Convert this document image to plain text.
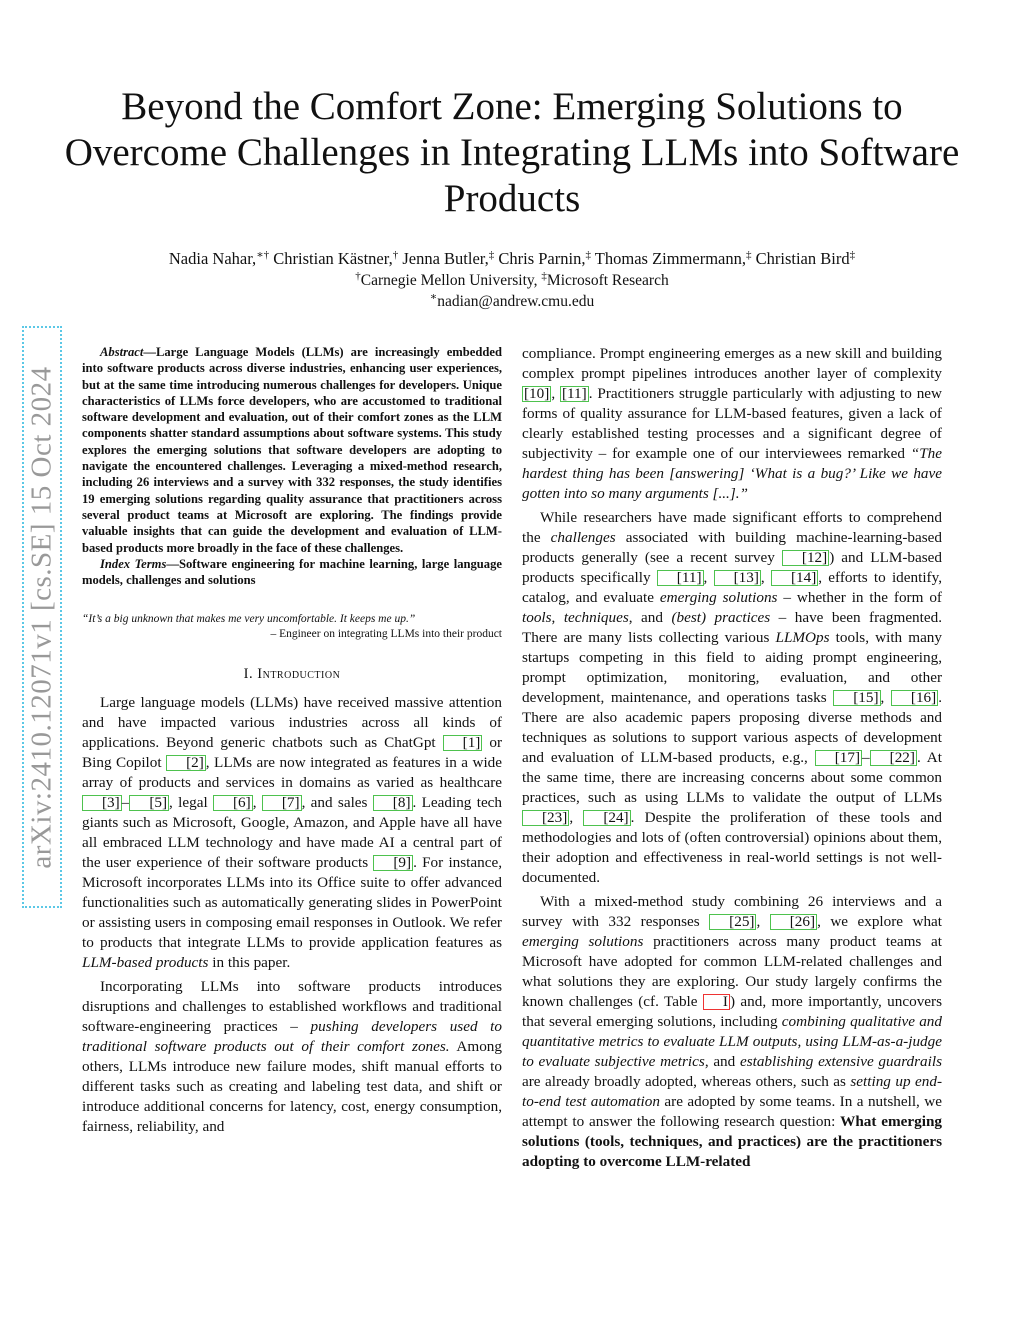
Beyond the Comfort Zone: Emerging Solutions to Overcome Challenges in Integrating LLMs into Software Products
Nadia Nahar,∗† Christian Kästner,† Jenna Butler,‡ Chris Parnin,‡ Thomas Zimmermann,‡ Christian Bird‡
†Carnegie Mellon University, ‡Microsoft Research
∗nadian@andrew.cmu.edu
arXiv:2410.12071v1 [cs.SE] 15 Oct 2024

Abstract—Large Language Models (LLMs) are increasingly embedded into software products across diverse industries, enhancing user experiences, but at the same time introducing numerous challenges for developers. Unique characteristics of LLMs force developers, who are accustomed to traditional software development and evaluation, out of their comfort zones as the LLM components shatter standard assumptions about software systems. This study explores the emerging solutions that software developers are adopting to navigate the encountered challenges. Leveraging a mixed-method research, including 26 interviews and a survey with 332 responses, the study identifies 19 emerging solutions regarding quality assurance that practitioners across several product teams at Microsoft are exploring. The findings provide valuable insights that can guide the development and evaluation of LLM-based products more broadly in the face of these challenges.

Index Terms—Software engineering for machine learning, large language models, challenges and solutions

“It’s a big unknown that makes me very uncomfortable. It keeps me up.”
– Engineer on integrating LLMs into their product
I. Introduction

Large language models (LLMs) have received massive attention and have impacted various industries across all kinds of applications. Beyond generic chatbots such as ChatGpt [1] or Bing Copilot [2] , LLMs are now integrated as features in a wide array of products and services in domains as varied as healthcare [3] – [5] , legal [6] , [7] , and sales [8] . Leading tech giants such as Microsoft, Google, Amazon, and Apple have all have all embraced LLM technology and have made AI a central part of the user experience of their software products [9] . For instance, Microsoft incorporates LLMs into its Office suite to offer advanced functionalities such as automatically generating slides in PowerPoint or assisting users in composing email responses in Outlook. We refer to products that integrate LLMs to provide application features as LLM-based products in this paper.

Incorporating LLMs into software products introduces disruptions and challenges to established workflows and traditional software-engineering practices – pushing developers used to traditional software products out of their comfort zones. Among others, LLMs introduce new failure modes, shift manual efforts to different tasks such as creating and labeling test data, and shift or introduce additional concerns for latency, cost, energy consumption, fairness, reliability, and

compliance. Prompt engineering emerges as a new skill and building complex prompt pipelines introduces another layer of complexity [10] , [11] . Practitioners struggle particularly with adjusting to new forms of quality assurance for LLM-based features, given a lack of clearly established testing processes and a significant degree of subjectivity – for example one of our interviewees remarked “The hardest thing has been [answering] ‘What is a bug?’ Like we have gotten into so many arguments [...].”

While researchers have made significant efforts to comprehend the challenges associated with building machine-learning-based products generally (see a recent survey [12] ) and LLM-based products specifically [11] , [13] , [14] , efforts to identify, catalog, and evaluate emerging solutions – whether in the form of tools, techniques, and (best) practices – have been fragmented. There are many lists collecting various LLMOps tools, with many startups competing in this field to aiding prompt engineering, prompt optimization, monitoring, evaluation, and other development, maintenance, and operations tasks [15] , [16] . There are also academic papers proposing diverse methods and techniques as solutions to support various aspects of development and evaluation of LLM-based products, e.g., [17] – [22] . At the same time, there are increasing concerns about some common practices, such as using LLMs to validate the output of LLMs [23] , [24] . Despite the proliferation of these tools and methodologies and lots of (often controversial) opinions about them, their adoption and effectiveness in real-world settings is not well-documented.

With a mixed-method study combining 26 interviews and a survey with 332 responses [25] , [26] , we explore what emerging solutions practitioners across many product teams at Microsoft have adopted for common LLM-related challenges and what solutions they are exploring. Our study largely confirms the known challenges (cf. Table I ) and, more importantly, uncovers that several emerging solutions, including combining qualitative and quantitative metrics to evaluate LLM outputs, using LLM-as-a-judge to evaluate subjective metrics, and establishing extensive guardrails are already broadly adopted, whereas others, such as setting up end-to-end test automation are adopted by some teams. In a nutshell, we attempt to answer the following research question: What emerging solutions (tools, techniques, and practices) are the practitioners adopting to overcome LLM-related
